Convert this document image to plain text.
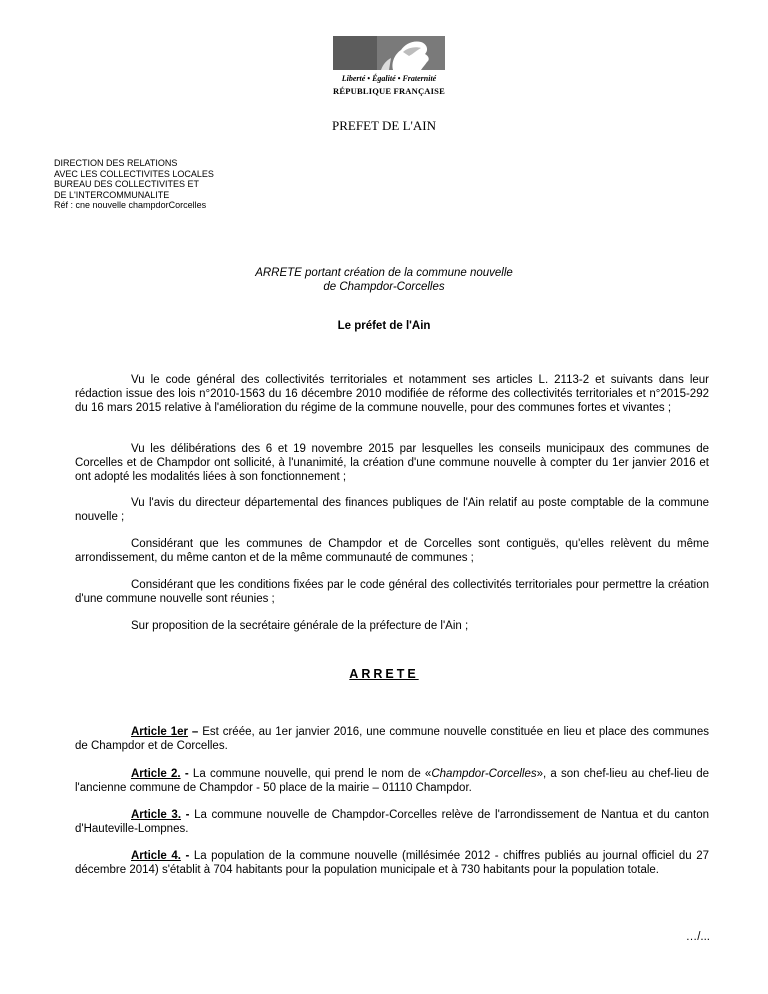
Liberté • Égalité • Fraternité
RÉPUBLIQUE FRANÇAISE
PREFET DE L'AIN
DIRECTION DES RELATIONS
AVEC LES COLLECTIVITES LOCALES
BUREAU DES COLLECTIVITES ET
DE L'INTERCOMMUNALITE
Réf : cne nouvelle champdorCorcelles
ARRETE portant création de la commune nouvelle
de Champdor-Corcelles
Le préfet de l'Ain
Vu le code général des collectivités territoriales et notamment ses articles L. 2113-2 et suivants dans leur rédaction issue des lois n°2010-1563 du 16 décembre 2010 modifiée de réforme des collectivités territoriales et n°2015-292 du 16 mars 2015 relative à l'amélioration du régime de la commune nouvelle, pour des communes fortes et vivantes ;
Vu les délibérations des 6 et 19 novembre 2015 par lesquelles les conseils municipaux des communes de Corcelles et de Champdor ont sollicité, à l'unanimité, la création d'une commune nouvelle à compter du 1er janvier 2016 et ont adopté les modalités liées à son fonctionnement ;
Vu l'avis du directeur départemental des finances publiques de l'Ain relatif au poste comptable de la commune nouvelle ;
Considérant que les communes de Champdor et de Corcelles sont contiguës, qu'elles relèvent du même arrondissement, du même canton et de la même communauté de communes ;
Considérant que les conditions fixées par le code général des collectivités territoriales pour permettre la création d'une commune nouvelle sont réunies ;
Sur proposition de la secrétaire générale de la préfecture de l'Ain ;
ARRETE
Article 1er – Est créée, au 1er janvier 2016, une commune nouvelle constituée en lieu et place des communes de Champdor et de Corcelles.
Article 2. - La commune nouvelle, qui prend le nom de «Champdor-Corcelles», a son chef-lieu au chef-lieu de l'ancienne commune de Champdor - 50 place de la mairie – 01110 Champdor.
Article 3. - La commune nouvelle de Champdor-Corcelles relève de l'arrondissement de Nantua et du canton d'Hauteville-Lompnes.
Article 4. - La population de la commune nouvelle (millésimée 2012 - chiffres publiés au journal officiel du 27 décembre 2014) s'établit à 704 habitants pour la population municipale et à 730 habitants pour la population totale.
…/...
